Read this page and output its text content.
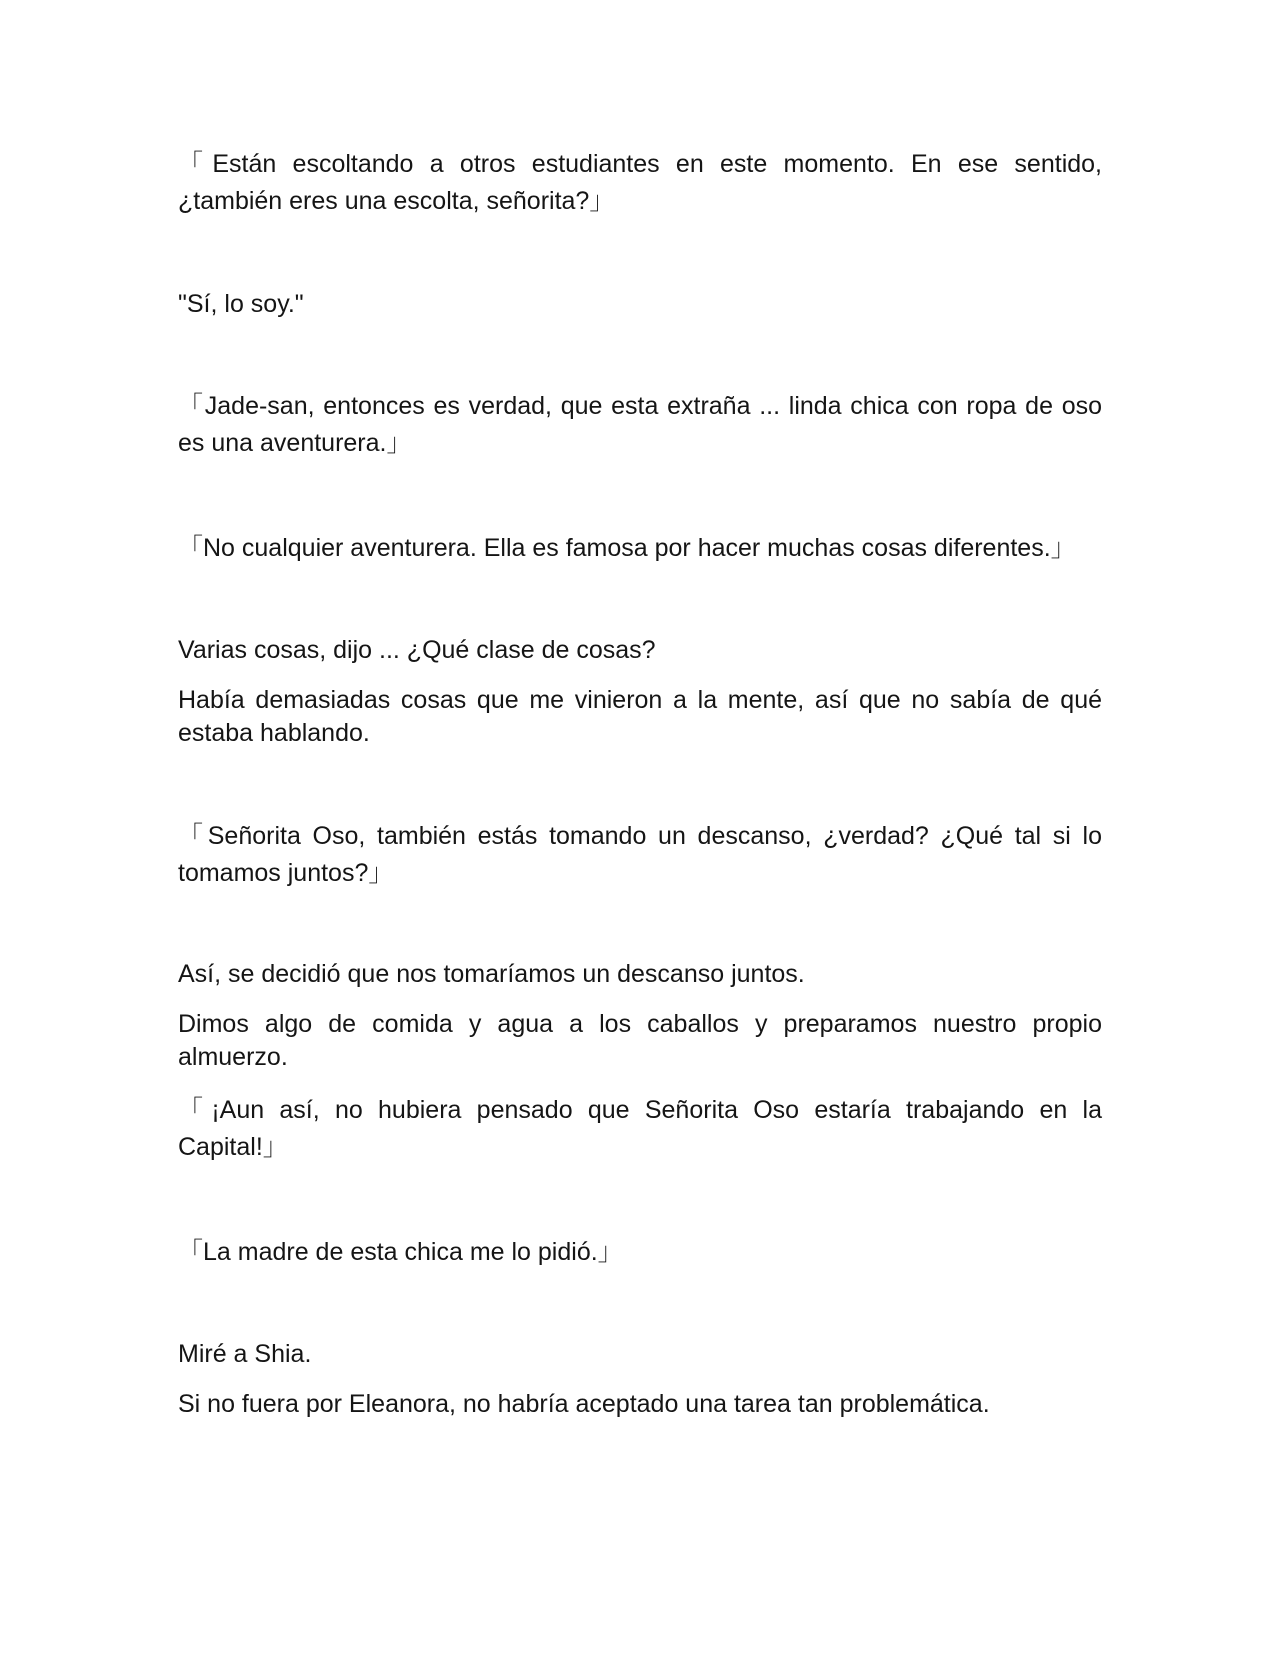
「Están escoltando a otros estudiantes en este momento. En ese sentido, ¿también eres una escolta, señorita?」

"Sí, lo soy."

「Jade-san, entonces es verdad, que esta extraña ... linda chica con ropa de oso es una aventurera.」

「No cualquier aventurera. Ella es famosa por hacer muchas cosas diferentes.」

Varias cosas, dijo ... ¿Qué clase de cosas?

Había demasiadas cosas que me vinieron a la mente, así que no sabía de qué estaba hablando.

「Señorita Oso, también estás tomando un descanso, ¿verdad? ¿Qué tal si lo tomamos juntos?」

Así, se decidió que nos tomaríamos un descanso juntos.

Dimos algo de comida y agua a los caballos y preparamos nuestro propio almuerzo.

「¡Aun así, no hubiera pensado que Señorita Oso estaría trabajando en la Capital!」

「La madre de esta chica me lo pidió.」

Miré a Shia.

Si no fuera por Eleanora, no habría aceptado una tarea tan problemática.
